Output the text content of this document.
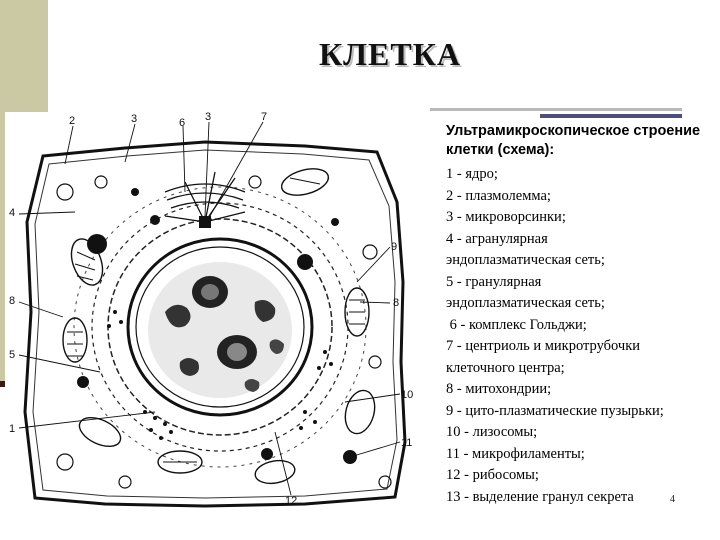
КЛЕТКА
2	3	6 3	7
4
9
8	8
5
10
1
11
12
Ультрамикроскопическое строение клетки (схема):
1 - ядро;
2 - плазмолемма;
3 - микроворсинки;
4 - агранулярная
эндоплазматическая сеть;
5 - гранулярная
эндоплазматическая сеть;
6 - комплекс Гольджи;
7 - центриоль и микротрубочки
клеточного центра;
8 - митохондрии;
9 - цито-плазматические пузырьки;
10 - лизосомы;
11 - микрофиламенты;
12 - рибосомы;
13 - выделение гранул секрета	4
